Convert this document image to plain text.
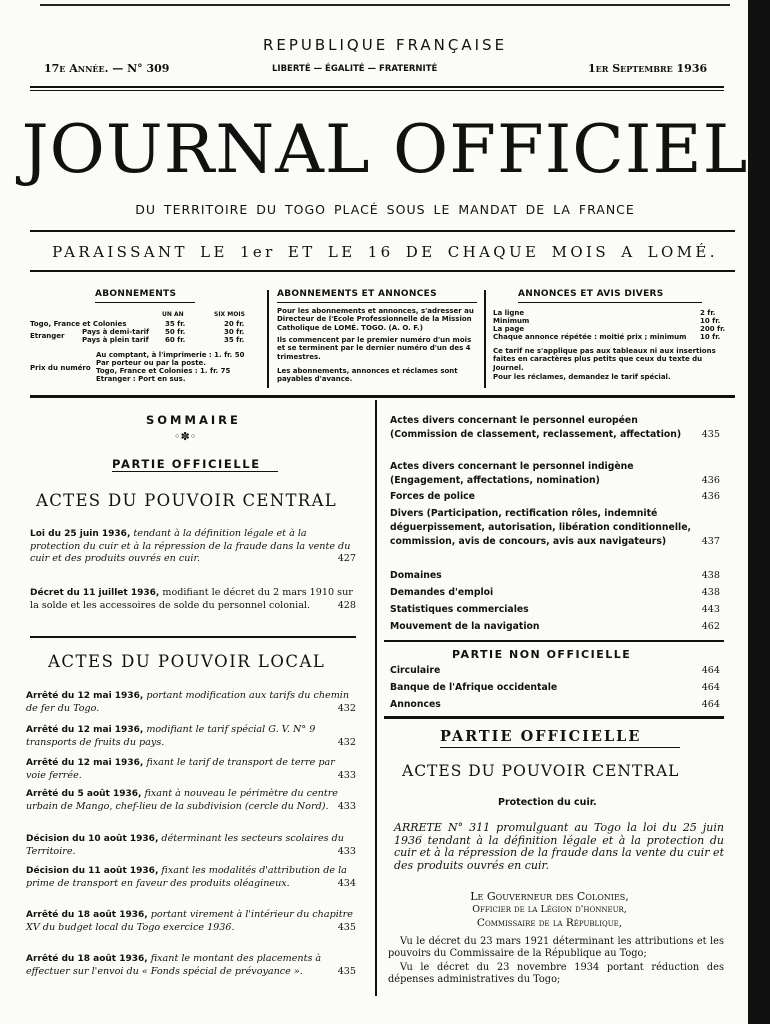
REPUBLIQUE FRANÇAISE
17e Année. — N° 309	LIBERTÉ — ÉGALITÉ — FRATERNITÉ	1er Septembre 1936
JOURNAL OFFICIEL
DU TERRITOIRE DU TOGO PLACÉ SOUS LE MANDAT DE LA FRANCE
PARAISSANT LE 1er ET LE 16 DE CHAQUE MOIS A LOMÉ.
ABONNEMENTS
UN AN	SIX MOIS
Togo, France et Colonies	35 fr.	20 fr.
Etranger	Pays à demi-tarif 50 fr.	30 fr.
Pays à plein tarif 60 fr.	35 fr.
Prix du numéro
Au comptant, à l'imprimerie : 1. fr. 50
Par porteur ou par la poste.
Togo, France et Colonies : 1. fr. 75
Etranger : Port en sus.
ABONNEMENTS ET ANNONCES
Pour les abonnements et annonces, s'adresser au Directeur de l'Ecole Professionnelle de la Mission Catholique de LOMÉ. TOGO. (A. O. F.)
Ils commencent par le premier numéro d'un mois et se terminent par le dernier numéro d'un des 4 trimestres.
Les abonnements, annonces et réclames sont payables d'avance.
ANNONCES ET AVIS DIVERS
La ligne	2 fr.
Minimum	10 fr.
La page	200 fr.
Chaque annonce répétée : moitié prix ; minimum 10 fr.
Ce tarif ne s'applique pas aux tableaux ni aux insertions faites en caractères plus petits que ceux du texte du Journel.
Pour les réclames, demandez le tarif spécial.
SOMMAIRE
◦✽◦
PARTIE OFFICIELLE
ACTES DU POUVOIR CENTRAL
Loi du 25 juin 1936, tendant à la définition légale et à la protection du cuir et à la répression de la fraude dans la vente du cuir et des produits ouvrés en cuir.	427
Décret du 11 juillet 1936, modifiant le décret du 2 mars 1910 sur la solde et les accessoires de solde du personnel colonial.	428
ACTES DU POUVOIR LOCAL
Arrêté du 12 mai 1936, portant modification aux tarifs du chemin de fer du Togo.	432
Arrêté du 12 mai 1936, modifiant le tarif spécial G. V. N° 9 transports de fruits du pays.	432
Arrêté du 12 mai 1936, fixant le tarif de transport de terre par voie ferrée.	433
Arrêté du 5 août 1936, fixant à nouveau le périmètre du centre urbain de Mango, chef-lieu de la subdivision (cercle du Nord). 433
Décision du 10 août 1936, déterminant les secteurs scolaires du Territoire.	433
Décision du 11 août 1936, fixant les modalités d'attribution de la prime de transport en faveur des produits oléagineux.	434
Arrêté du 18 août 1936, portant virement à l'intérieur du chapitre XV du budget local du Togo exercice 1936.	435
Arrêté du 18 août 1936, fixant le montant des placements à effectuer sur l'envoi du « Fonds spécial de prévoyance ».	435
Actes divers concernant le personnel européen (Commission de classement, reclassement, affectation)	435
Actes divers concernant le personnel indigène (Engagement, affectations, nomination)	436
Forces de police	436
Divers (Participation, rectification rôles, indemnité déguerpissement, autorisation, libération conditionnelle, commission, avis de concours, avis aux navigateurs)	437
Domaines	438
Demandes d'emploi	438
Statistiques commerciales	443
Mouvement de la navigation	462
PARTIE NON OFFICIELLE
Circulaire	464
Banque de l'Afrique occidentale	464
Annonces	464
PARTIE OFFICIELLE
ACTES DU POUVOIR CENTRAL
Protection du cuir.
ARRETE N° 311 promulguant au Togo la loi du 25 juin 1936 tendant à la définition légale et à la protection du cuir et à la répression de la fraude dans la vente du cuir et des produits ouvrés en cuir.
Le Gouverneur des Colonies,
Officier de la Légion d'honneur,
Commissaire de la République,
Vu le décret du 23 mars 1921 déterminant les attributions et les pouvoirs du Commissaire de la République au Togo;
Vu le décret du 23 novembre 1934 portant réduction des dépenses administratives du Togo;
